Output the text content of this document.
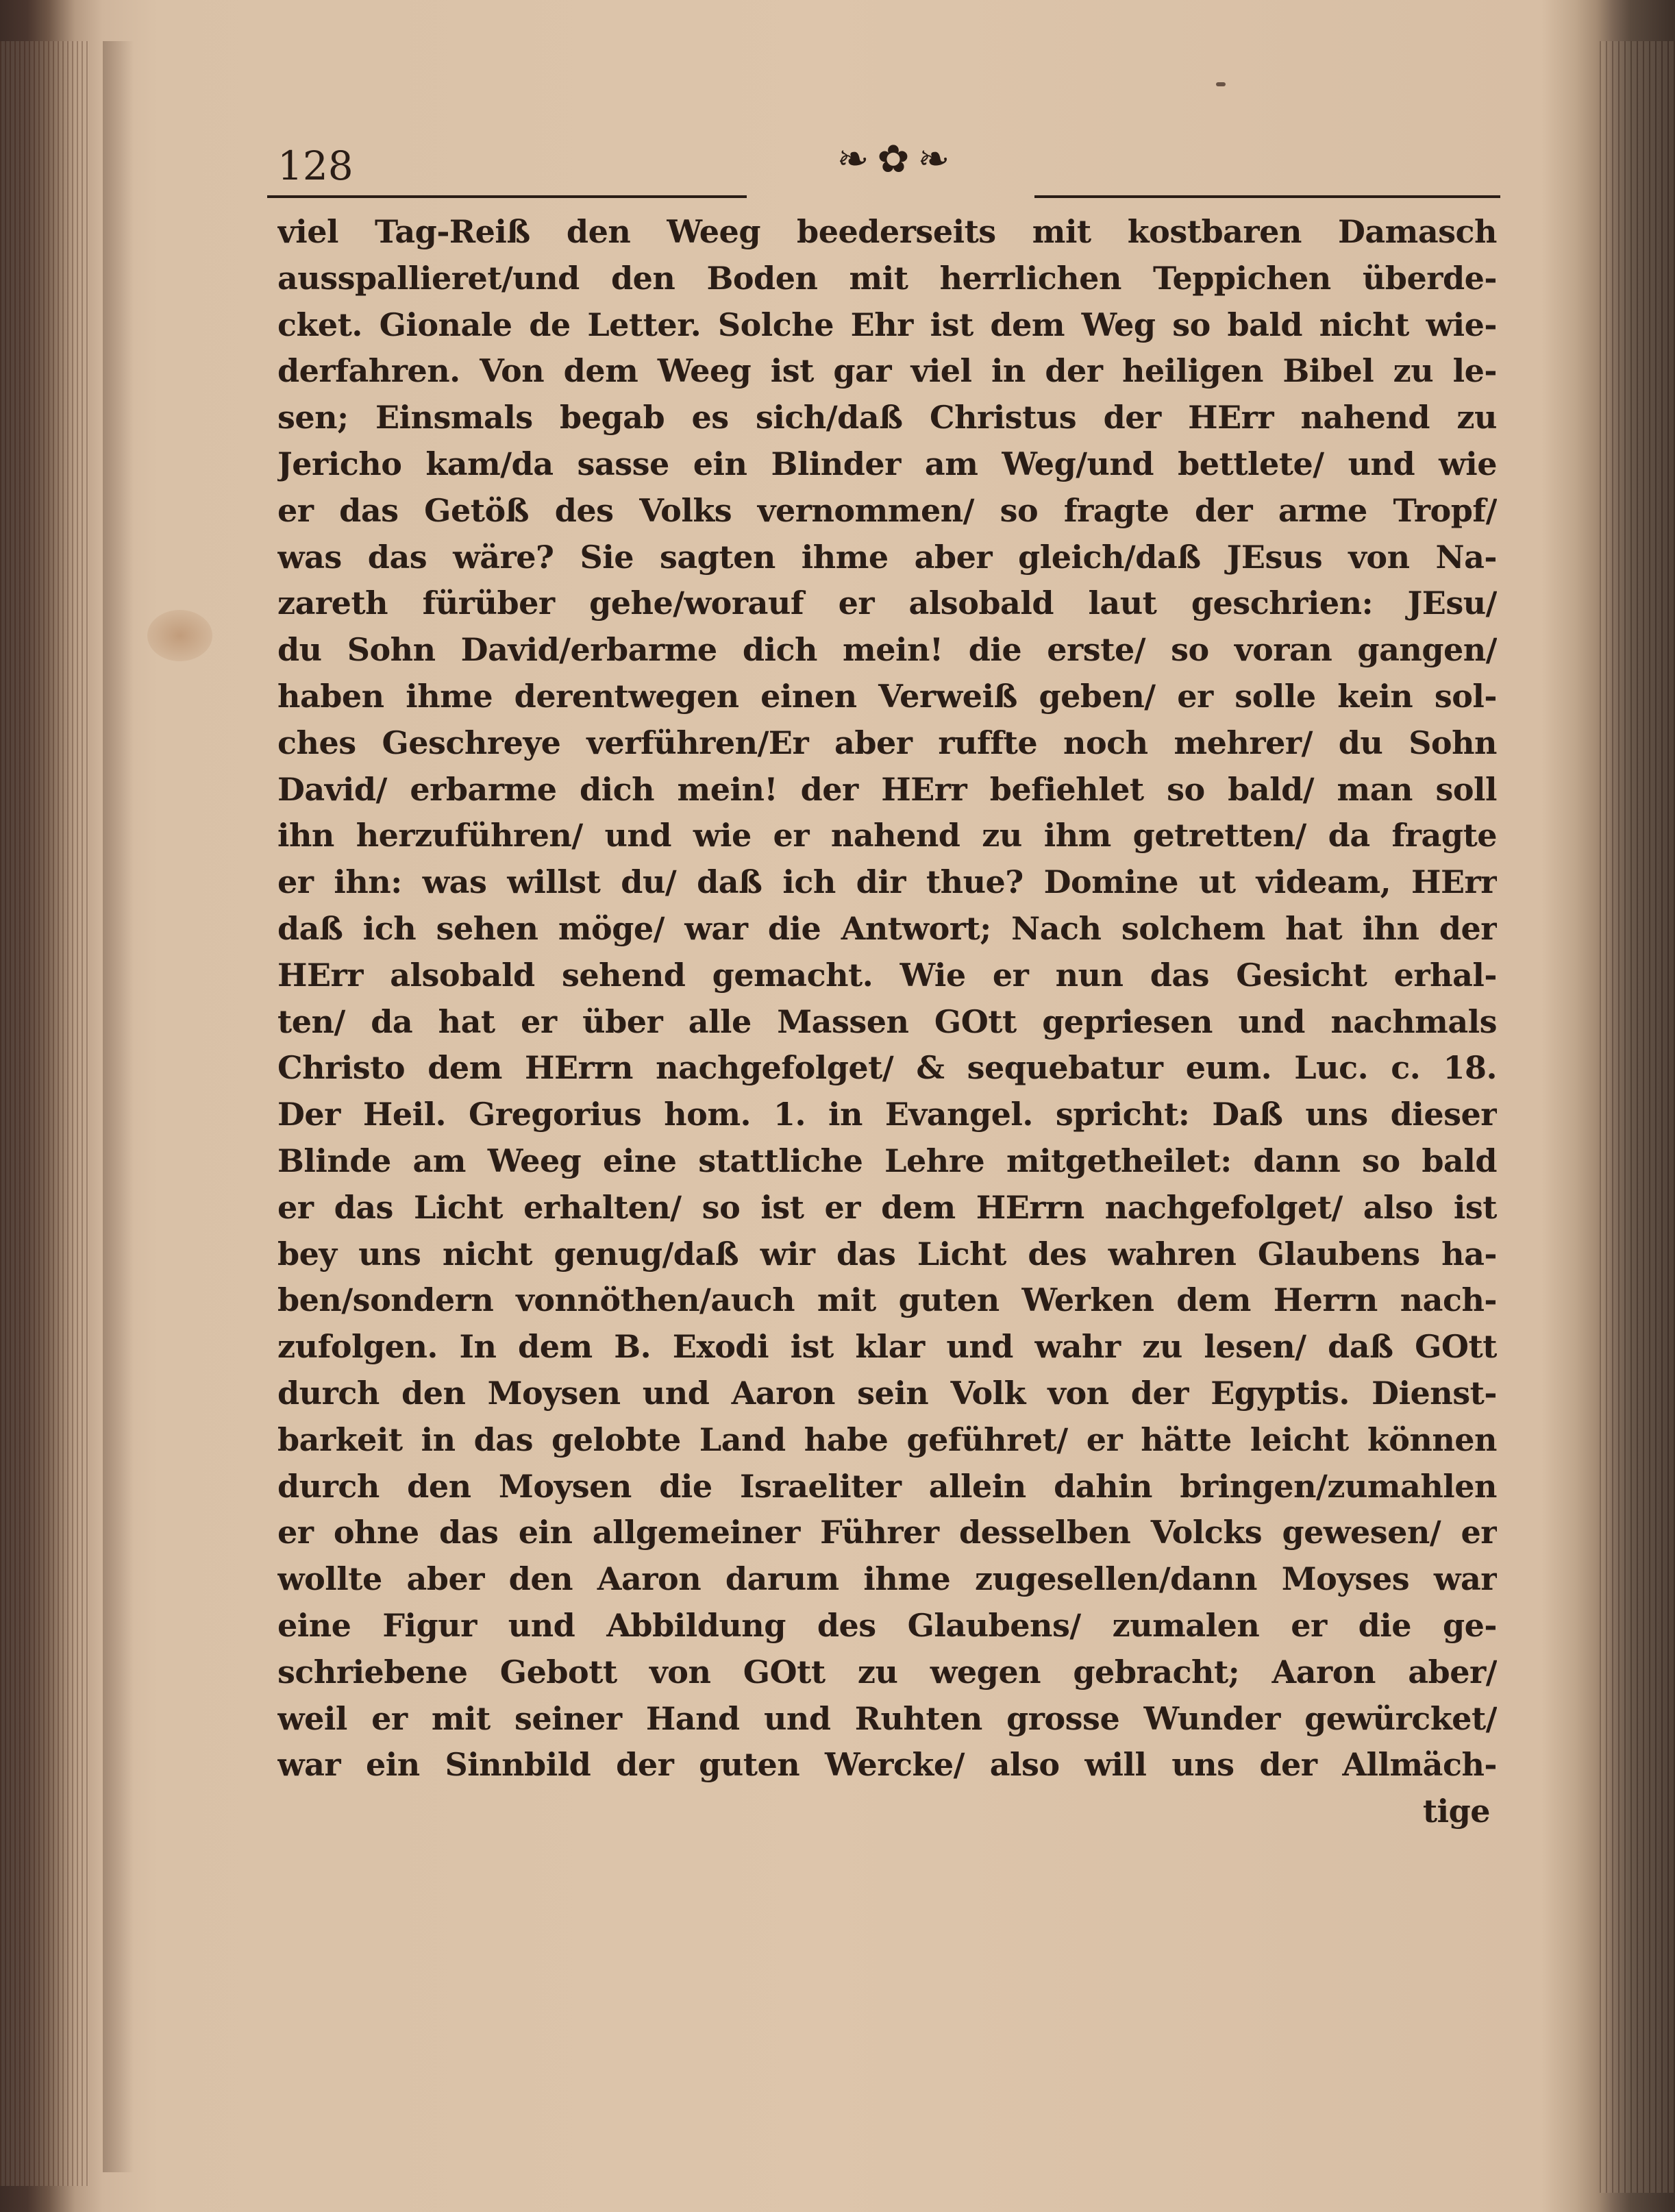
128	❧✿❧
viel Tag-Reiß den Weeg beederseits mit kostbaren Damasch
ausspallieret/und den Boden mit herrlichen Teppichen überde-
cket. Gionale de Letter. Solche Ehr ist dem Weg so bald nicht wie-
derfahren. Von dem Weeg ist gar viel in der heiligen Bibel zu le-
sen; Einsmals begab es sich/daß Christus der HErr nahend zu
Jericho kam/da sasse ein Blinder am Weg/und bettlete/ und wie
er das Getöß des Volks vernommen/ so fragte der arme Tropf/
was das wäre? Sie sagten ihme aber gleich/daß JEsus von Na-
zareth fürüber gehe/worauf er alsobald laut geschrien: JEsu/
du Sohn David/erbarme dich mein! die erste/ so voran gangen/
haben ihme derentwegen einen Verweiß geben/ er solle kein sol-
ches Geschreye verführen/Er aber ruffte noch mehrer/ du Sohn
David/ erbarme dich mein! der HErr befiehlet so bald/ man soll
ihn herzuführen/ und wie er nahend zu ihm getretten/ da fragte
er ihn: was willst du/ daß ich dir thue? Domine ut videam, HErr
daß ich sehen möge/ war die Antwort; Nach solchem hat ihn der
HErr alsobald sehend gemacht. Wie er nun das Gesicht erhal-
ten/ da hat er über alle Massen GOtt gepriesen und nachmals
Christo dem HErrn nachgefolget/ & sequebatur eum. Luc. c. 18.
Der Heil. Gregorius hom. 1. in Evangel. spricht: Daß uns dieser
Blinde am Weeg eine stattliche Lehre mitgetheilet: dann so bald
er das Licht erhalten/ so ist er dem HErrn nachgefolget/ also ist
bey uns nicht genug/daß wir das Licht des wahren Glaubens ha-
ben/sondern vonnöthen/auch mit guten Werken dem Herrn nach-
zufolgen. In dem B. Exodi ist klar und wahr zu lesen/ daß GOtt
durch den Moysen und Aaron sein Volk von der Egyptis. Dienst-
barkeit in das gelobte Land habe geführet/ er hätte leicht können
durch den Moysen die Israeliter allein dahin bringen/zumahlen
er ohne das ein allgemeiner Führer desselben Volcks gewesen/ er
wollte aber den Aaron darum ihme zugesellen/dann Moyses war
eine Figur und Abbildung des Glaubens/ zumalen er die ge-
schriebene Gebott von GOtt zu wegen gebracht; Aaron aber/
weil er mit seiner Hand und Ruhten grosse Wunder gewürcket/
war ein Sinnbild der guten Wercke/ also will uns der Allmäch-
tige
